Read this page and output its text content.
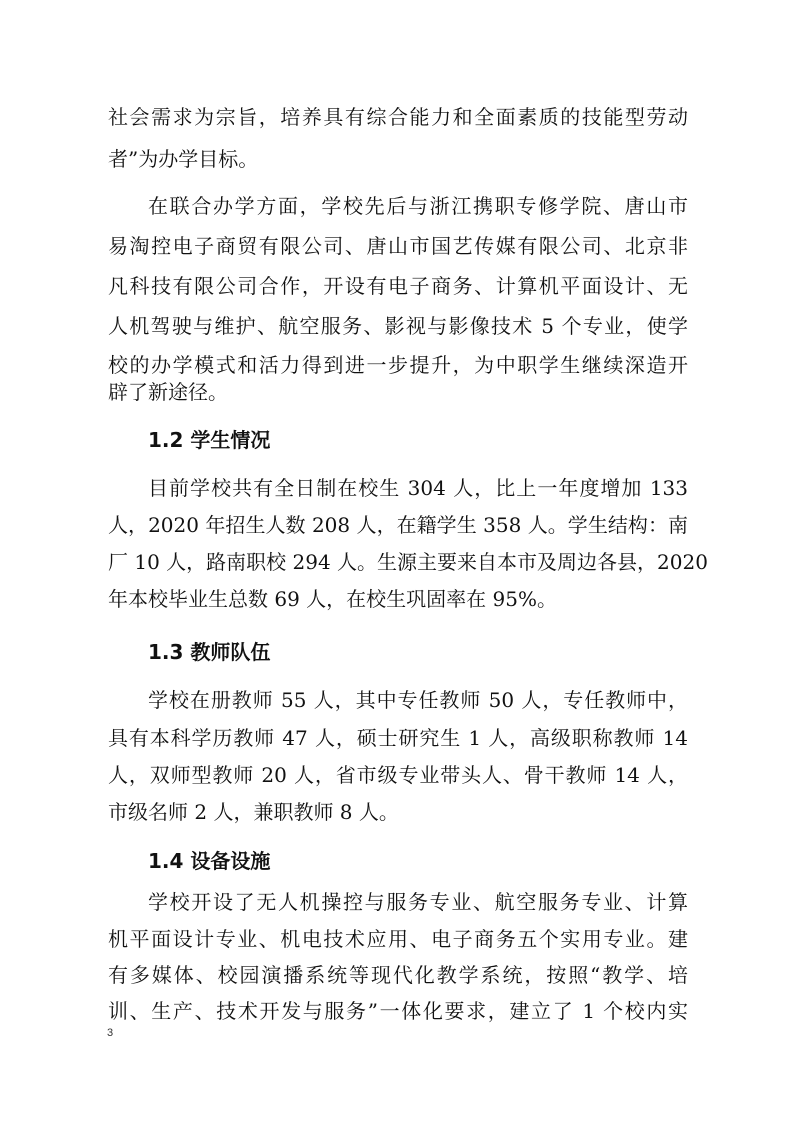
社会需求为宗旨，培养具有综合能力和全面素质的技能型劳动
者”为办学目标。
在联合办学方面，学校先后与浙江携职专修学院、唐山市
易淘控电子商贸有限公司、唐山市国艺传媒有限公司、北京非
凡科技有限公司合作，开设有电子商务、计算机平面设计、无
人机驾驶与维护、航空服务、影视与影像技术 5 个专业，使学
校的办学模式和活力得到进一步提升，为中职学生继续深造开
辟了新途径。
1.2 学生情况
目前学校共有全日制在校生 304 人，比上一年度增加 133
人，2020 年招生人数 208 人，在籍学生 358 人。学生结构：南
厂 10 人，路南职校 294 人。生源主要来自本市及周边各县，2020
年本校毕业生总数 69 人，在校生巩固率在 95%。
1.3 教师队伍
学校在册教师 55 人，其中专任教师 50 人，专任教师中，
具有本科学历教师 47 人，硕士研究生 1 人，高级职称教师 14
人，双师型教师 20 人，省市级专业带头人、骨干教师 14 人，
市级名师 2 人，兼职教师 8 人。
1.4 设备设施
学校开设了无人机操控与服务专业、航空服务专业、计算
机平面设计专业、机电技术应用、电子商务五个实用专业。建
有多媒体、校园演播系统等现代化教学系统，按照“教学、培
训、生产、技术开发与服务”一体化要求，建立了 1 个校内实
3
